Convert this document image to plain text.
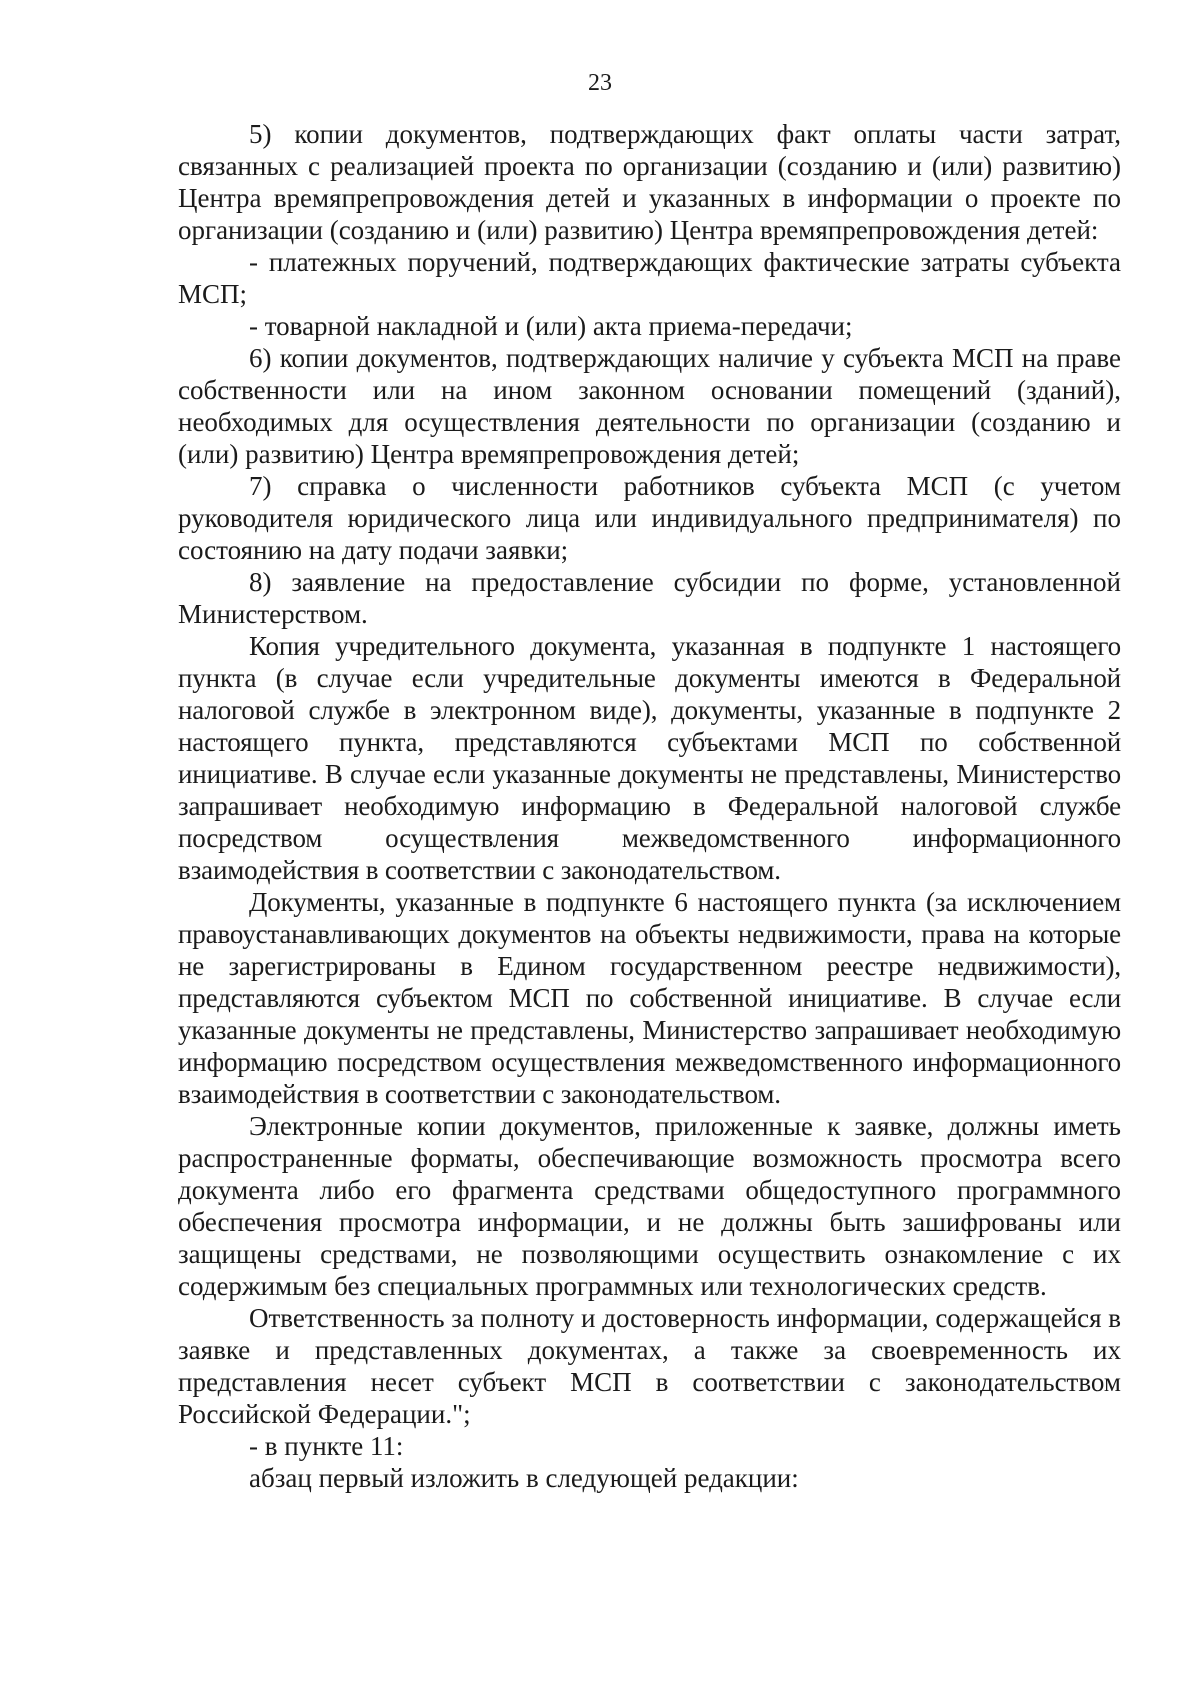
23

5) копии документов, подтверждающих факт оплаты части затрат, связанных с реализацией проекта по организации (созданию и (или) развитию) Центра времяпрепровождения детей и указанных в информации о проекте по организации (созданию и (или) развитию) Центра времяпрепровождения детей:

- платежных поручений, подтверждающих фактические затраты субъекта МСП;

- товарной накладной и (или) акта приема-передачи;

6) копии документов, подтверждающих наличие у субъекта МСП на праве собственности или на ином законном основании помещений (зданий), необходимых для осуществления деятельности по организации (созданию и (или) развитию) Центра времяпрепровождения детей;

7) справка о численности работников субъекта МСП (с учетом руководителя юридического лица или индивидуального предпринимателя) по состоянию на дату подачи заявки;

8) заявление на предоставление субсидии по форме, установленной Министерством.

Копия учредительного документа, указанная в подпункте 1 настоящего пункта (в случае если учредительные документы имеются в Федеральной налоговой службе в электронном виде), документы, указанные в подпункте 2 настоящего пункта, представляются субъектами МСП по собственной инициативе. В случае если указанные документы не представлены, Министерство запрашивает необходимую информацию в Федеральной налоговой службе посредством осуществления межведомственного информационного взаимодействия в соответствии с законодательством.

Документы, указанные в подпункте 6 настоящего пункта (за исключением правоустанавливающих документов на объекты недвижимости, права на которые не зарегистрированы в Едином государственном реестре недвижимости), представляются субъектом МСП по собственной инициативе. В случае если указанные документы не представлены, Министерство запрашивает необходимую информацию посредством осуществления межведомственного информационного взаимодействия в соответствии с законодательством.

Электронные копии документов, приложенные к заявке, должны иметь распространенные форматы, обеспечивающие возможность просмотра всего документа либо его фрагмента средствами общедоступного программного обеспечения просмотра информации, и не должны быть зашифрованы или защищены средствами, не позволяющими осуществить ознакомление с их содержимым без специальных программных или технологических средств.

Ответственность за полноту и достоверность информации, содержащейся в заявке и представленных документах, а также за своевременность их представления несет субъект МСП в соответствии с законодательством Российской Федерации.";

- в пункте 11:

абзац первый изложить в следующей редакции:
